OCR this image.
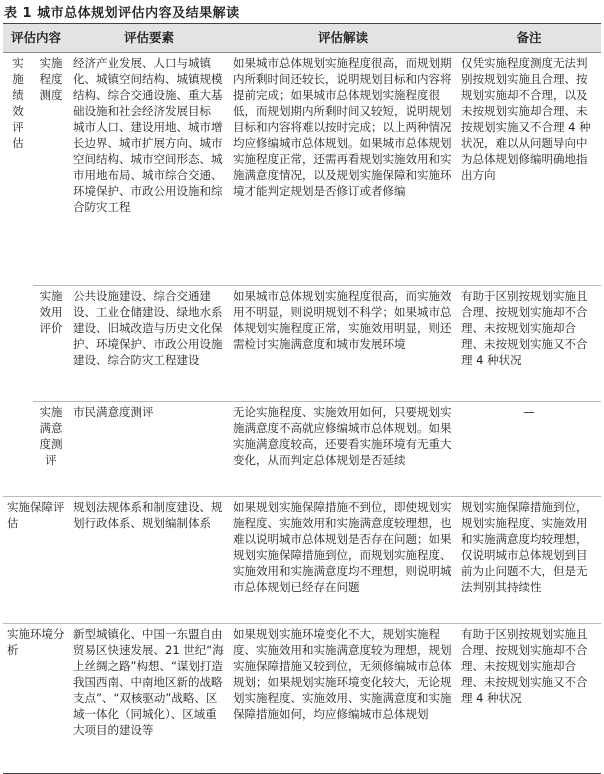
表 1 城市总体规划评估内容及结果解读
评估内容		评估要素	评估解读	备注
实施绩效评估	实施程度测度	经济产业发展、人口与城镇化、城镇空间结构、城镇规模结构、综合交通设施、重大基础设施和社会经济发展目标 城市人口、建设用地、城市增长边界、城市扩展方向、城市空间结构、城市空间形态、城市用地布局、城市综合交通、环境保护、市政公用设施和综合防灾工程	如果城市总体规划实施程度很高，而规划期内所剩时间还较长，说明规划目标和内容将提前完成；如果城市总体规划实施程度很低，而规划期内所剩时间又较短，说明规划目标和内容将难以按时完成；以上两种情况均应修编城市总体规划。如果城市总体规划实施程度正常，还需再看规划实施效用和实施满意度情况，以及规划实施保障和实施环境才能判定规划是否修订或者修编	仅凭实施程度测度无法判别按规划实施且合理、按规划实施却不合理，以及未按规划实施却合理、未按规划实施又不合理 4 种状况，难以从问题导向中为总体规划修编明确地指出方向
	实施效用评价	公共设施建设、综合交通建设、工业仓储建设、绿地水系建设、旧城改造与历史文化保护、环境保护、市政公用设施建设、综合防灾工程建设	如果城市总体规划实施程度很高，而实施效用不明显，则说明规划不科学；如果城市总体规划实施程度正常，实施效用明显，则还需检讨实施满意度和城市发展环境	有助于区别按规划实施且合理、按规划实施却不合理、未按规划实施却合理、未按规划实施又不合理 4 种状况
	实施满意度测评	市民满意度测评	无论实施程度、实施效用如何，只要规划实施满意度不高就应修编城市总体规划。如果实施满意度较高，还要看实施环境有无重大变化，从而判定总体规划是否延续	—
实施保障评估		规划法规体系和制度建设、规划行政体系、规划编制体系	如果规划实施保障措施不到位，即使规划实施程度、实施效用和实施满意度较理想，也难以说明城市总体规划是否存在问题；如果规划实施保障措施到位，而规划实施程度、实施效用和实施满意度均不理想，则说明城市总体规划已经存在问题	规划实施保障措施到位，规划实施程度、实施效用和实施满意度均较理想，仅说明城市总体规划到目前为止问题不大，但是无法判别其持续性
实施环境分析		新型城镇化、中国一东盟自由贸易区快速发展、21 世纪“海上丝绸之路”构想、“谋划打造我国西南、中南地区新的战略支点”、“双核驱动”战略、区域一体化（同城化）、区域重大项目的建设等	如果规划实施环境变化不大，规划实施程度、实施效用和实施满意度较为理想，规划实施保障措施又较到位，无须修编城市总体规划；如果规划实施环境变化较大，无论规划实施程度、实施效用、实施满意度和实施保障措施如何，均应修编城市总体规划	有助于区别按规划实施且合理、按规划实施却不合理、未按规划实施却合理、未按规划实施又不合理 4 种状况
